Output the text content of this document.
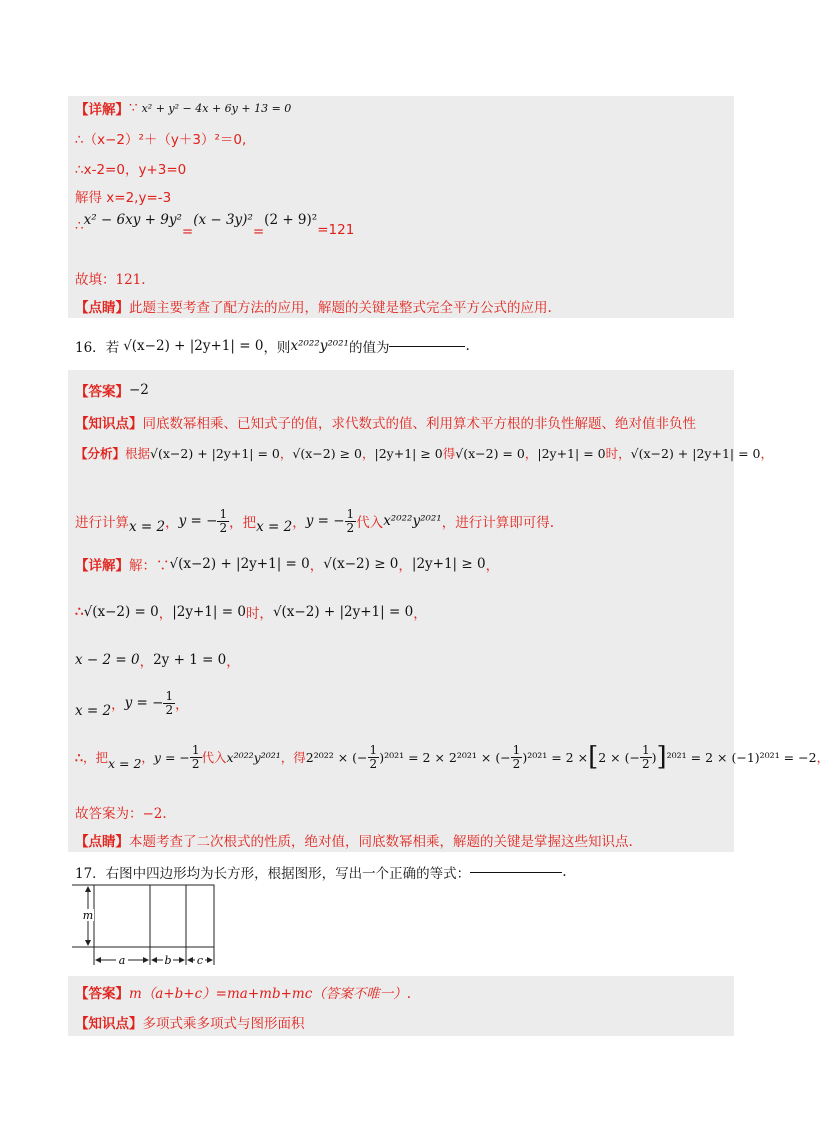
【详解】 ∵ x² + y² − 4x + 6y + 13 = 0
∴（x−2）²＋（y＋3）²＝0,
∴x-2=0，y+3=0
解得 x=2,y=-3
∴ x² − 6xy + 9y²
=
(x − 3y)²
=
(2 + 9)²
=121
故填：121.
【点睛】 此题主要考查了配方法的应用，解题的关键是整式完全平方公式的应用.
16．若 √(x−2) + |2y+1| = 0 ，则 x²⁰²²y²⁰²¹ 的值为	.
【答案】 −2
【知识点】 同底数幂相乘、已知式子的值，求代数式的值、利用算术平方根的非负性解题、绝对值非负性
【分析】 根据 √(x−2) + |2y+1| = 0 ， √(x−2) ≥ 0 ， |2y+1| ≥ 0 得 √(x−2) = 0 ， |2y+1| = 0 时， √(x−2) + |2y+1| = 0 ，
进行计算 x = 2 ， y = − $\frac{1}{2}$ ，把 x = 2 ， y = − $\frac{1}{2}$ 代入 x²⁰²²y²⁰²¹ ，进行计算即可得.
【详解】 解：∵ √(x−2) + |2y+1| = 0 ， √(x−2) ≥ 0 ， |2y+1| ≥ 0 ，
∴ √(x−2) = 0 ， |2y+1| = 0 时， √(x−2) + |2y+1| = 0 ，
x − 2 = 0 ， 2y + 1 = 0 ，
x = 2 ， y = − $\frac{1}{2}$ ，
∴ ，把 x = 2 ， y = − $\frac{1}{2}$ 代入 x²⁰²²y²⁰²¹ ，得 2²⁰²² × (− $\frac{1}{2} )^{2021} = 2 \times 2^{2021}$ × (− $\frac{1}{2} )^{2021} = 2$ × [ 2 × (− $\frac{1}{2}$ ) ] ²⁰²¹ = 2 × (−1)²⁰²¹ = −2 ，
故答案为：−2.
【点睛】 本题考查了二次根式的性质，绝对值，同底数幂相乘，解题的关键是掌握这些知识点.
17．右图中四边形均为长方形，根据图形，写出一个正确的等式：	.
m
a	b c
【答案】 m（a+b+c）=ma+mb+mc（答案不唯一）.
【知识点】 多项式乘多项式与图形面积
